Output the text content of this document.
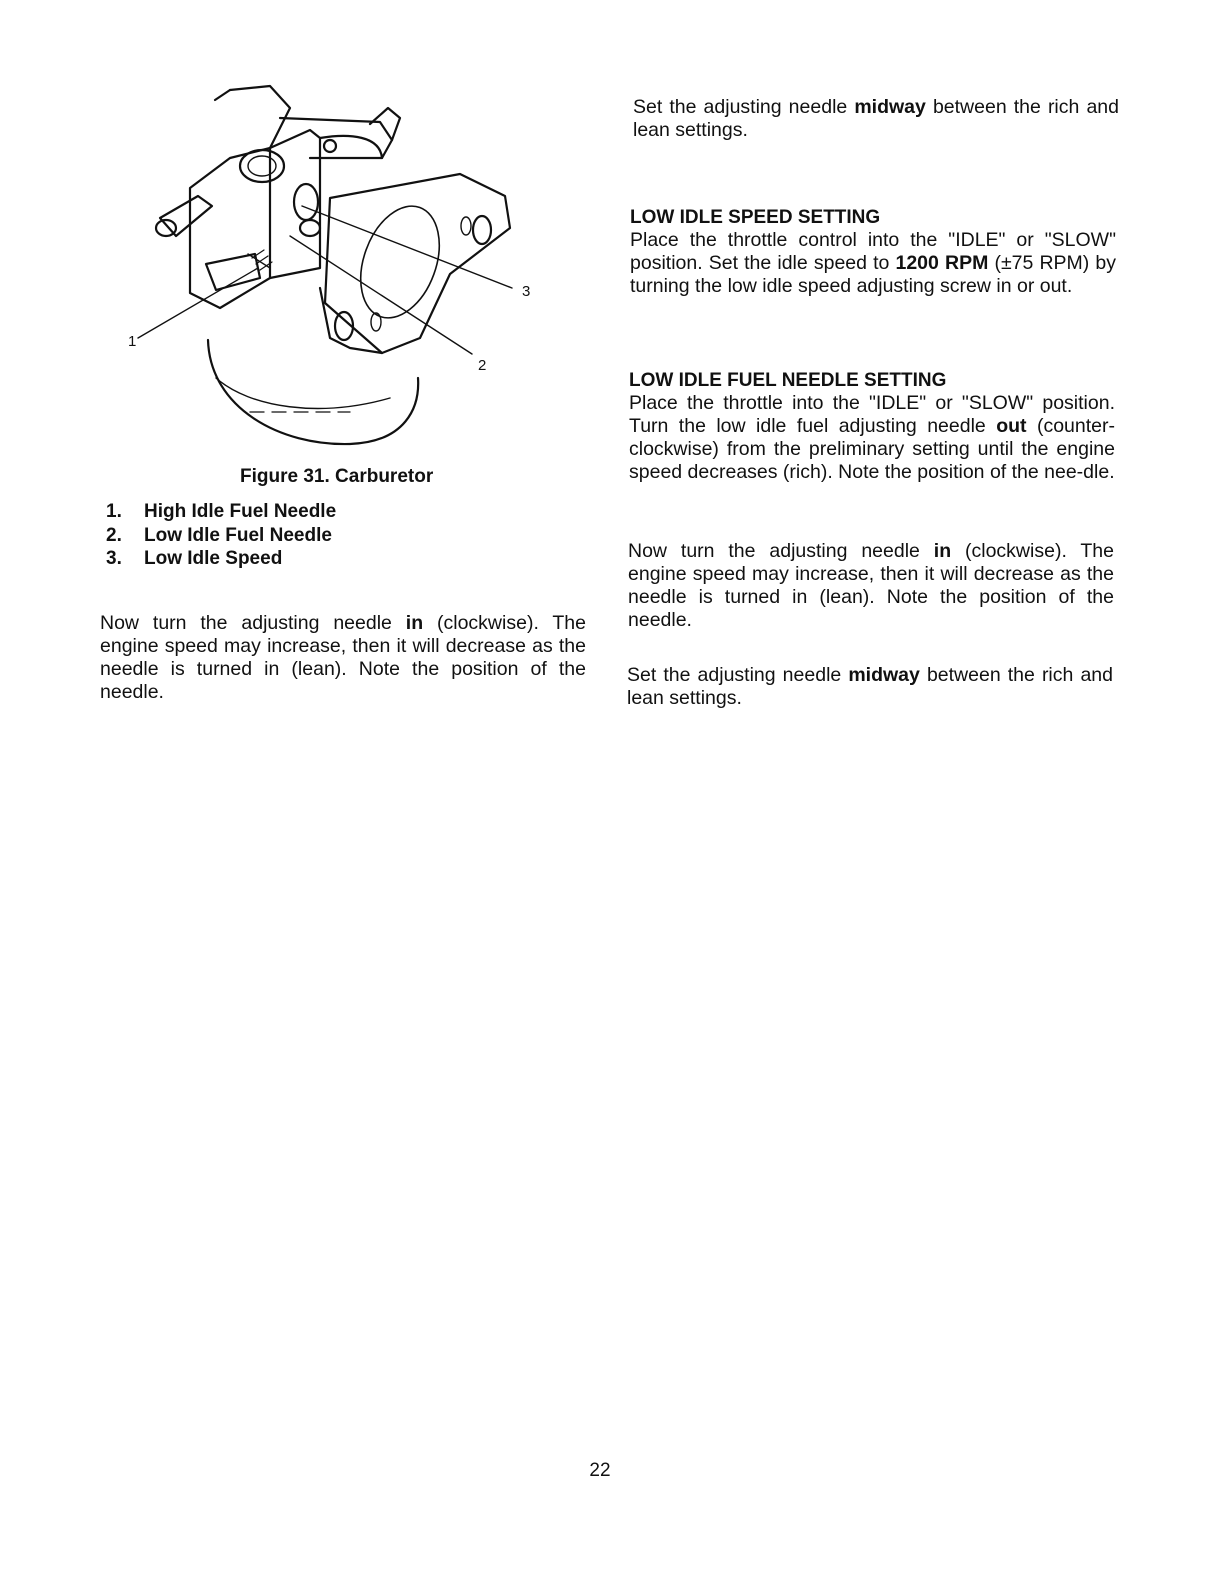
1
3
2
Figure 31. Carburetor
1. High Idle Fuel Needle
2. Low Idle Fuel Needle
3. Low Idle Speed

Now turn the adjusting needle in (clockwise). The engine speed may increase, then it will decrease as the needle is turned in (lean). Note the position of the needle.

Set the adjusting needle midway between the rich and lean settings.

LOW IDLE SPEED SETTING

Place the throttle control into the "IDLE" or "SLOW" position. Set the idle speed to 1200 RPM (±75 RPM) by turning the low idle speed adjusting screw in or out.

LOW IDLE FUEL NEEDLE SETTING

Place the throttle into the "IDLE" or "SLOW" position. Turn the low idle fuel adjusting needle out (counter-clockwise) from the preliminary setting until the engine speed decreases (rich). Note the position of the nee-dle.

Now turn the adjusting needle in (clockwise). The engine speed may increase, then it will decrease as the needle is turned in (lean). Note the position of the needle.

Set the adjusting needle midway between the rich and lean settings.

22
